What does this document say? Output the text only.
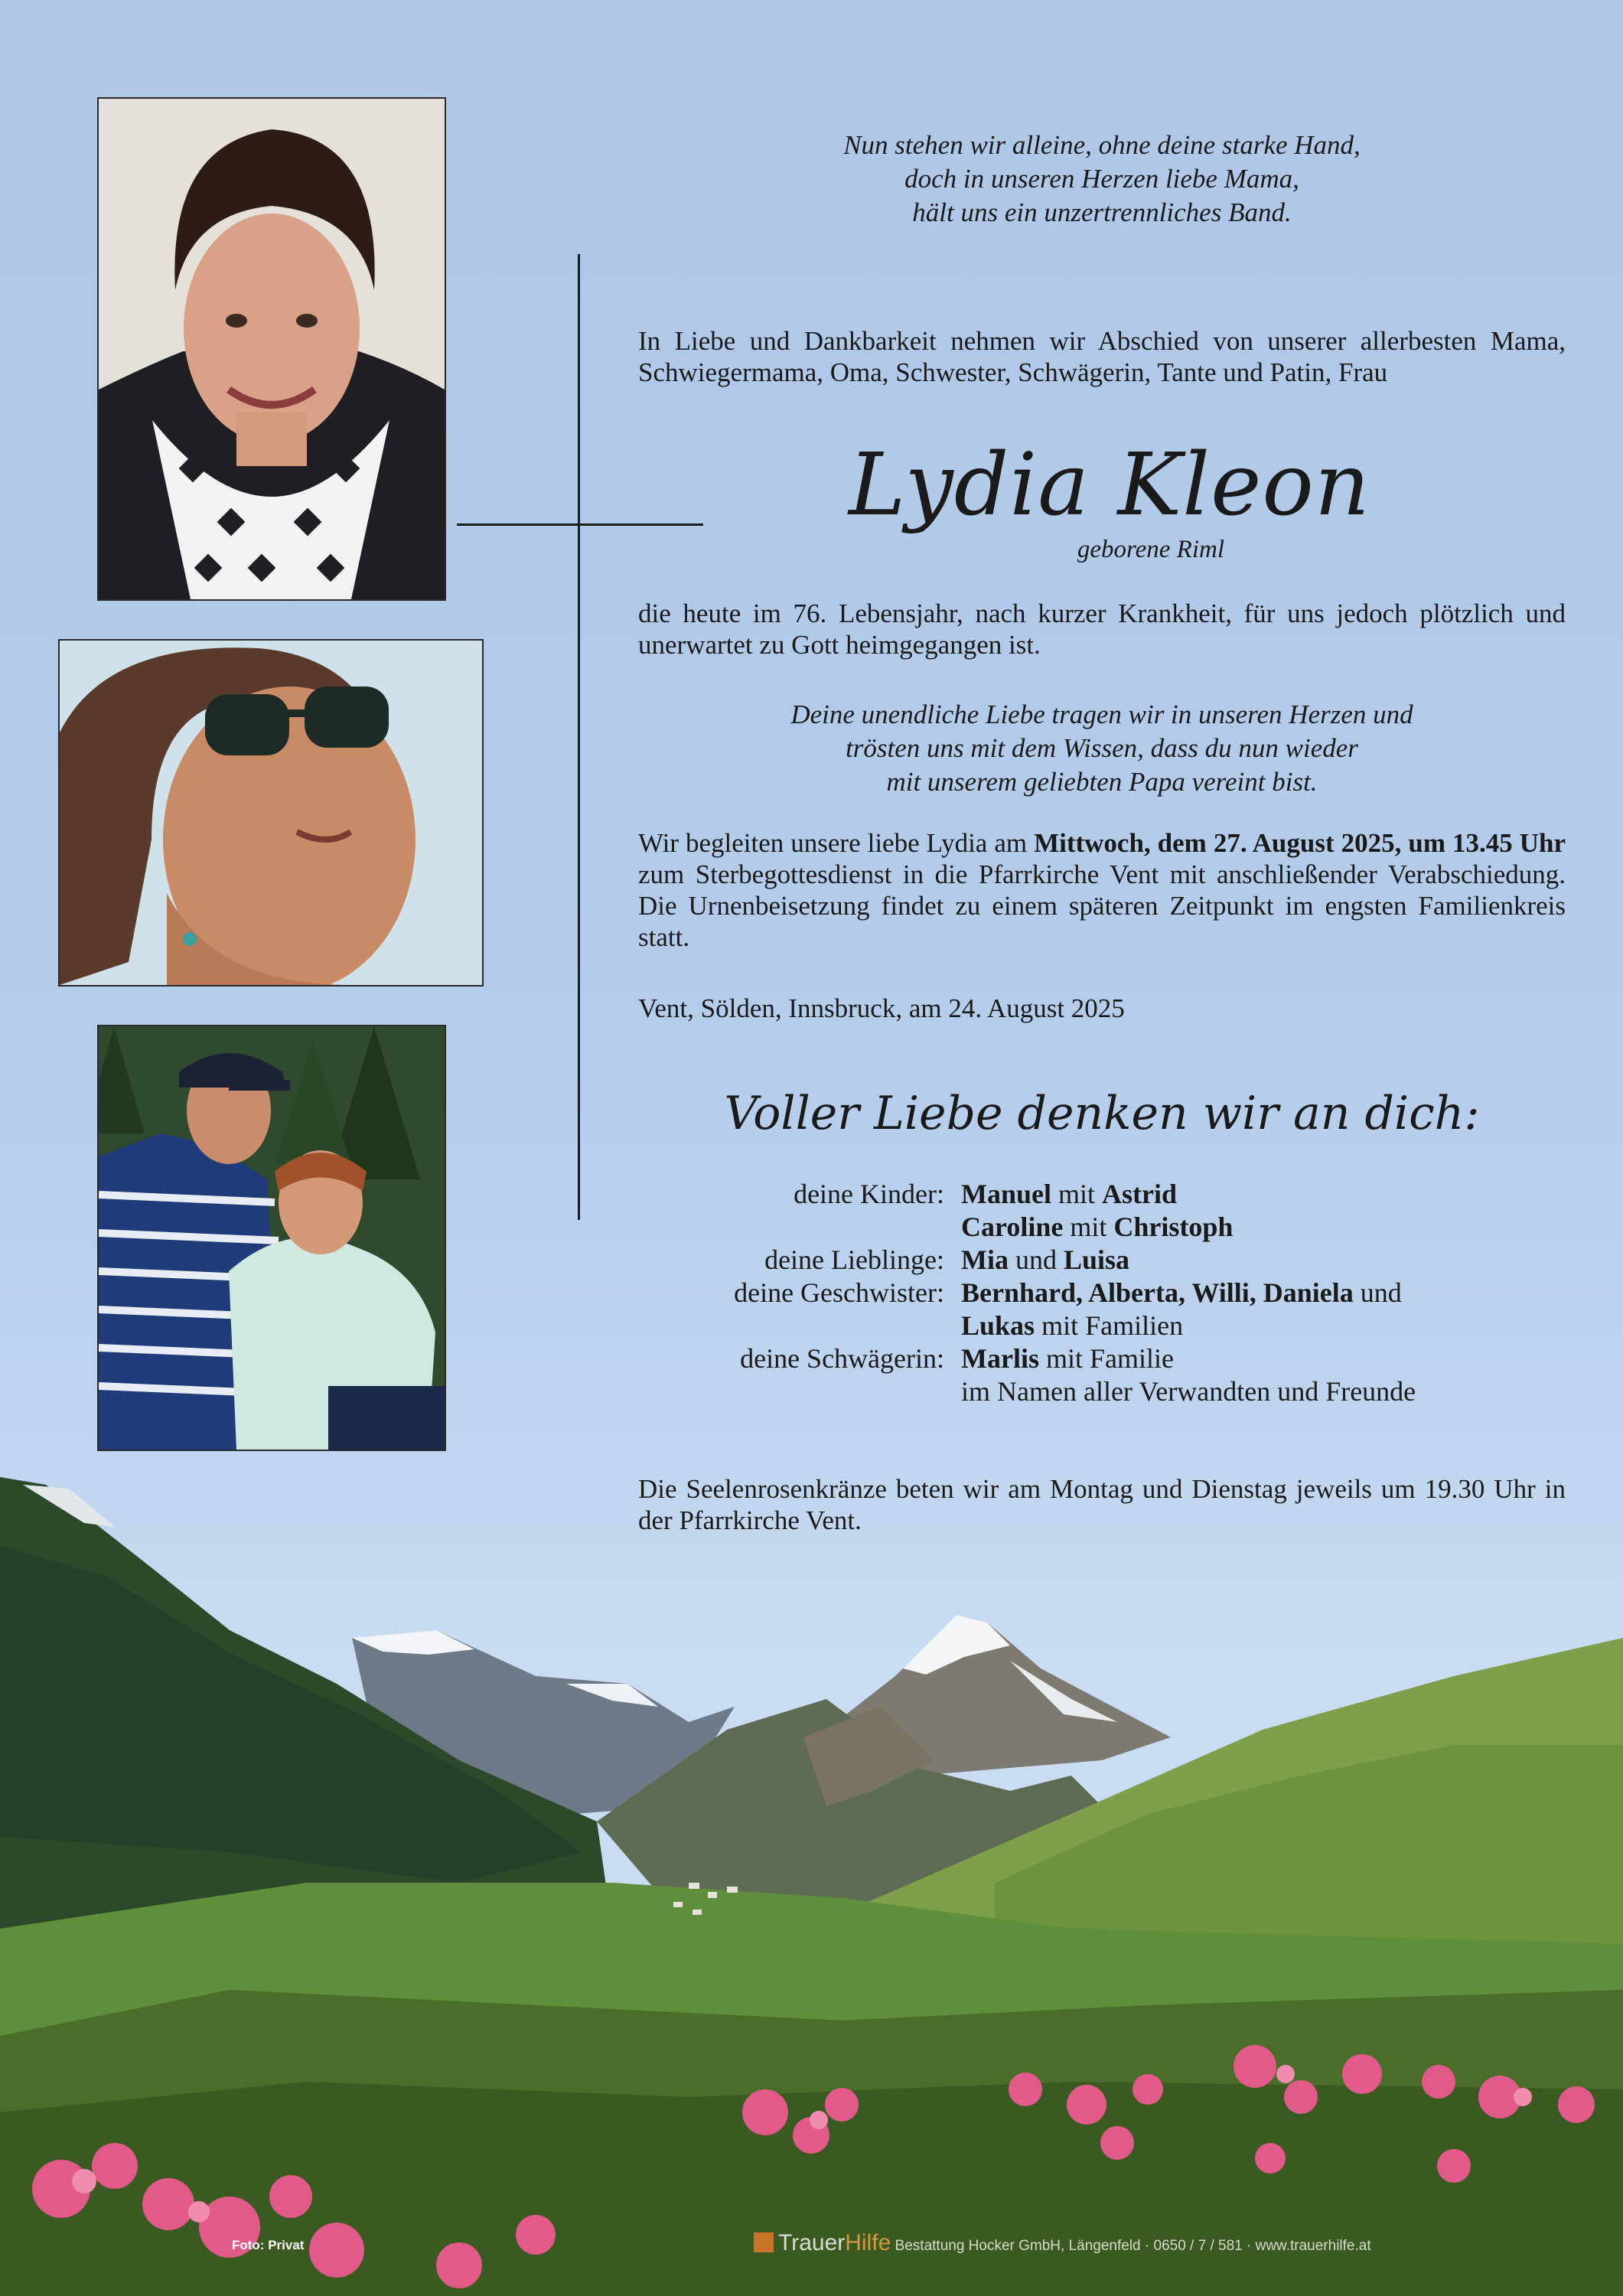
Nun stehen wir alleine, ohne deine starke Hand,
doch in unseren Herzen liebe Mama,
hält uns ein unzertrennliches Band.
In Liebe und Dankbarkeit nehmen wir Abschied von unserer allerbesten Mama, Schwiegermama, Oma, Schwester, Schwägerin, Tante und Patin, Frau
Lydia Kleon
geborene Riml
die heute im 76. Lebensjahr, nach kurzer Krankheit, für uns jedoch plötzlich und unerwartet zu Gott heimgegangen ist.
Deine unendliche Liebe tragen wir in unseren Herzen und
trösten uns mit dem Wissen, dass du nun wieder
mit unserem geliebten Papa vereint bist.
Wir begleiten unsere liebe Lydia am Mittwoch, dem 27. August 2025, um 13.45 Uhr zum Sterbegottesdienst in die Pfarrkirche Vent mit anschließender Verabschiedung. Die Urnenbeisetzung findet zu einem späteren Zeitpunkt im engsten Familienkreis statt.
Vent, Sölden, Innsbruck, am 24. August 2025
Voller Liebe denken wir an dich:
deine Kinder: Manuel mit Astrid
Caroline mit Christoph
deine Lieblinge: Mia und Luisa
deine Geschwister: Bernhard, Alberta, Willi, Daniela und
Lukas mit Familien
deine Schwägerin: Marlis mit Familie
im Namen aller Verwandten und Freunde
Die Seelenrosenkränze beten wir am Montag und Dienstag jeweils um 19.30 Uhr in der Pfarrkirche Vent.
Foto: Privat	TrauerHilfe Bestattung Hocker GmbH, Längenfeld · 0650 / 7 / 581 · www.trauerhilfe.at
